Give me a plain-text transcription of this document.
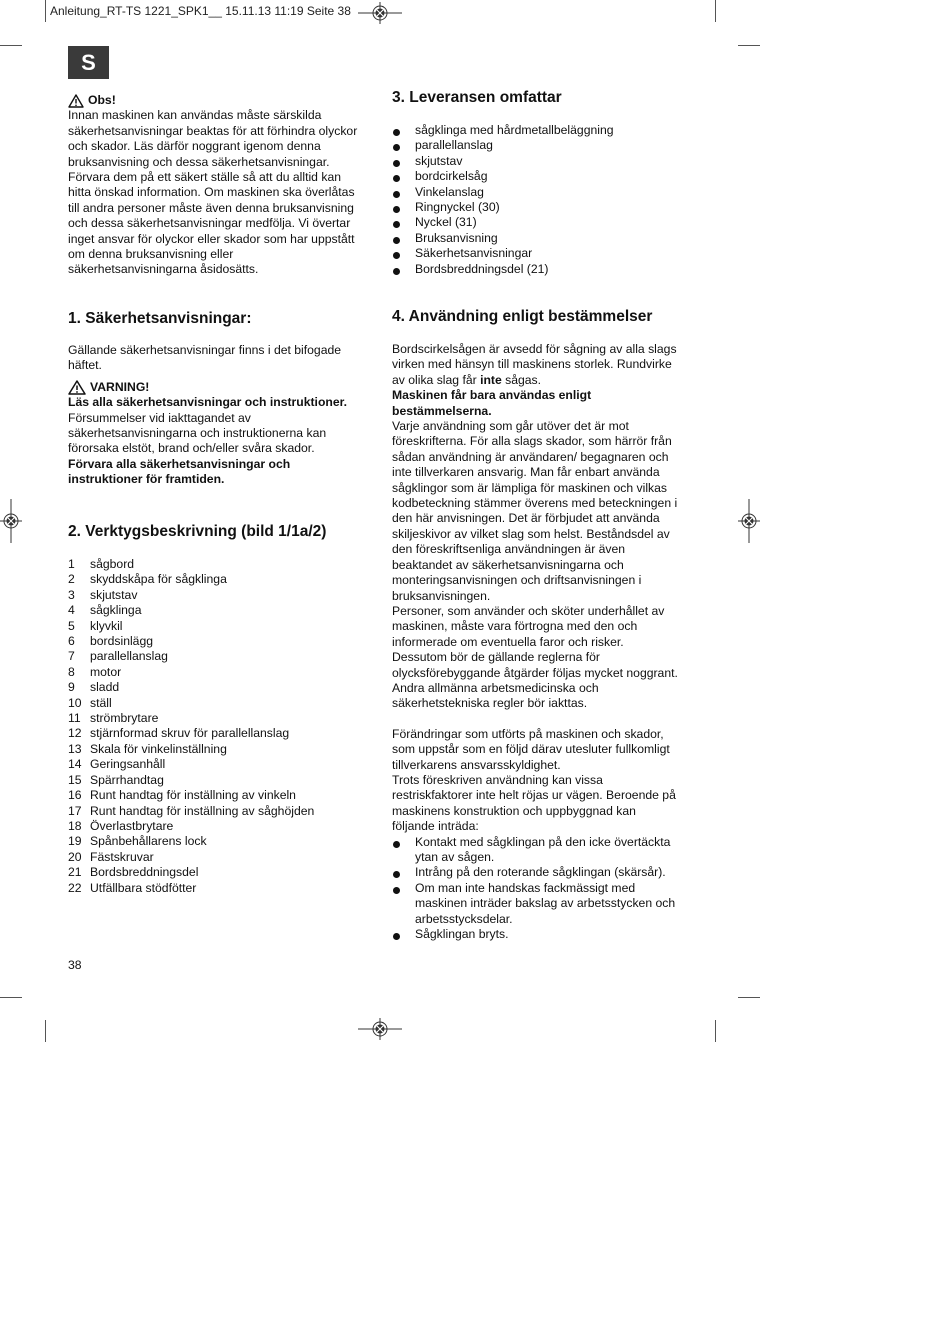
Anleitung_RT-TS 1221_SPK1__ 15.11.13 11:19 Seite 38
S
Obs!

Innan maskinen kan användas måste särskilda
säkerhetsanvisningar beaktas för att förhindra olyckor
och skador. Läs därför noggrant igenom denna
bruksanvisning och dessa säkerhetsanvisningar.
Förvara dem på ett säkert ställe så att du alltid kan
hitta önskad information. Om maskinen ska överlåtas
till andra personer måste även denna bruksanvisning
och dessa säkerhetsanvisningar medfölja. Vi övertar
inget ansvar för olyckor eller skador som har uppstått
om denna bruksanvisning eller
säkerhetsanvisningarna åsidosätts.

1. Säkerhetsanvisningar:

Gällande säkerhetsanvisningar finns i det bifogade
häftet.

VARNING!

Läs alla säkerhetsanvisningar och instruktioner.

Försummelser vid iakttagandet av
säkerhetsanvisningarna och instruktionerna kan
förorsaka elstöt, brand och/eller svåra skador.

Förvara alla säkerhetsanvisningar och
instruktioner för framtiden.

2. Verktygsbeskrivning (bild 1/1a/2)
1	sågbord
2	skyddskåpa för sågklinga
3	skjutstav
4	sågklinga
5	klyvkil
6	bordsinlägg
7	parallellanslag
8	motor
9	sladd
10 ställ
11 strömbrytare
12 stjärnformad skruv för parallellanslag
13 Skala för vinkelinställning
14 Geringsanhåll
15 Spärrhandtag
16 Runt handtag för inställning av vinkeln
17 Runt handtag för inställning av såghöjden
18 Överlastbrytare
19 Spånbehållarens lock
20 Fästskruvar
21 Bordsbreddningsdel
22 Utfällbara stödfötter
3. Leveransen omfattar
sågklinga med hårdmetallbeläggning
parallellanslag
skjutstav
bordcirkelsåg
Vinkelanslag
Ringnyckel (30)
Nyckel (31)
Bruksanvisning
Säkerhetsanvisningar
Bordsbreddningsdel (21)
4. Användning enligt bestämmelser

Bordscirkelsågen är avsedd för sågning av alla slags
virken med hänsyn till maskinens storlek. Rundvirke
av olika slag får inte sågas.

Maskinen får bara användas enligt
bestämmelserna.

Varje användning som går utöver det är mot
föreskrifterna. För alla slags skador, som härrör från
sådan användning är användaren/ begagnaren och
inte tillverkaren ansvarig. Man får enbart använda
sågklingor som är lämpliga för maskinen och vilkas
kodbeteckning stämmer överens med beteckningen i
den här anvisningen. Det är förbjudet att använda
skiljeskivor av vilket slag som helst. Beståndsdel av
den föreskriftsenliga användningen är även
beaktandet av säkerhetsanvisningarna och
monteringsanvisningen och driftsanvisningen i
bruksanvisningen.
Personer, som använder och sköter underhållet av
maskinen, måste vara förtrogna med den och
informerade om eventuella faror och risker.
Dessutom bör de gällande reglerna för
olycksförebyggande åtgärder följas mycket noggrant.
Andra allmänna arbetsmedicinska och
säkerhetstekniska regler bör iakttas.

Förändringar som utförts på maskinen och skador,
som uppstår som en följd därav utesluter fullkomligt
tillverkarens ansvarsskyldighet.
Trots föreskriven användning kan vissa
restriskfaktorer inte helt röjas ur vägen. Beroende på
maskinens konstruktion och uppbyggnad kan
följande inträda:

Kontakt med sågklingan på den icke övertäckta
ytan av sågen.
Intrång på den roterande sågklingan (skärsår).
Om man inte handskas fackmässigt med
maskinen inträder bakslag av arbetsstycken och
arbetsstycksdelar.
Sågklingan bryts.
38
